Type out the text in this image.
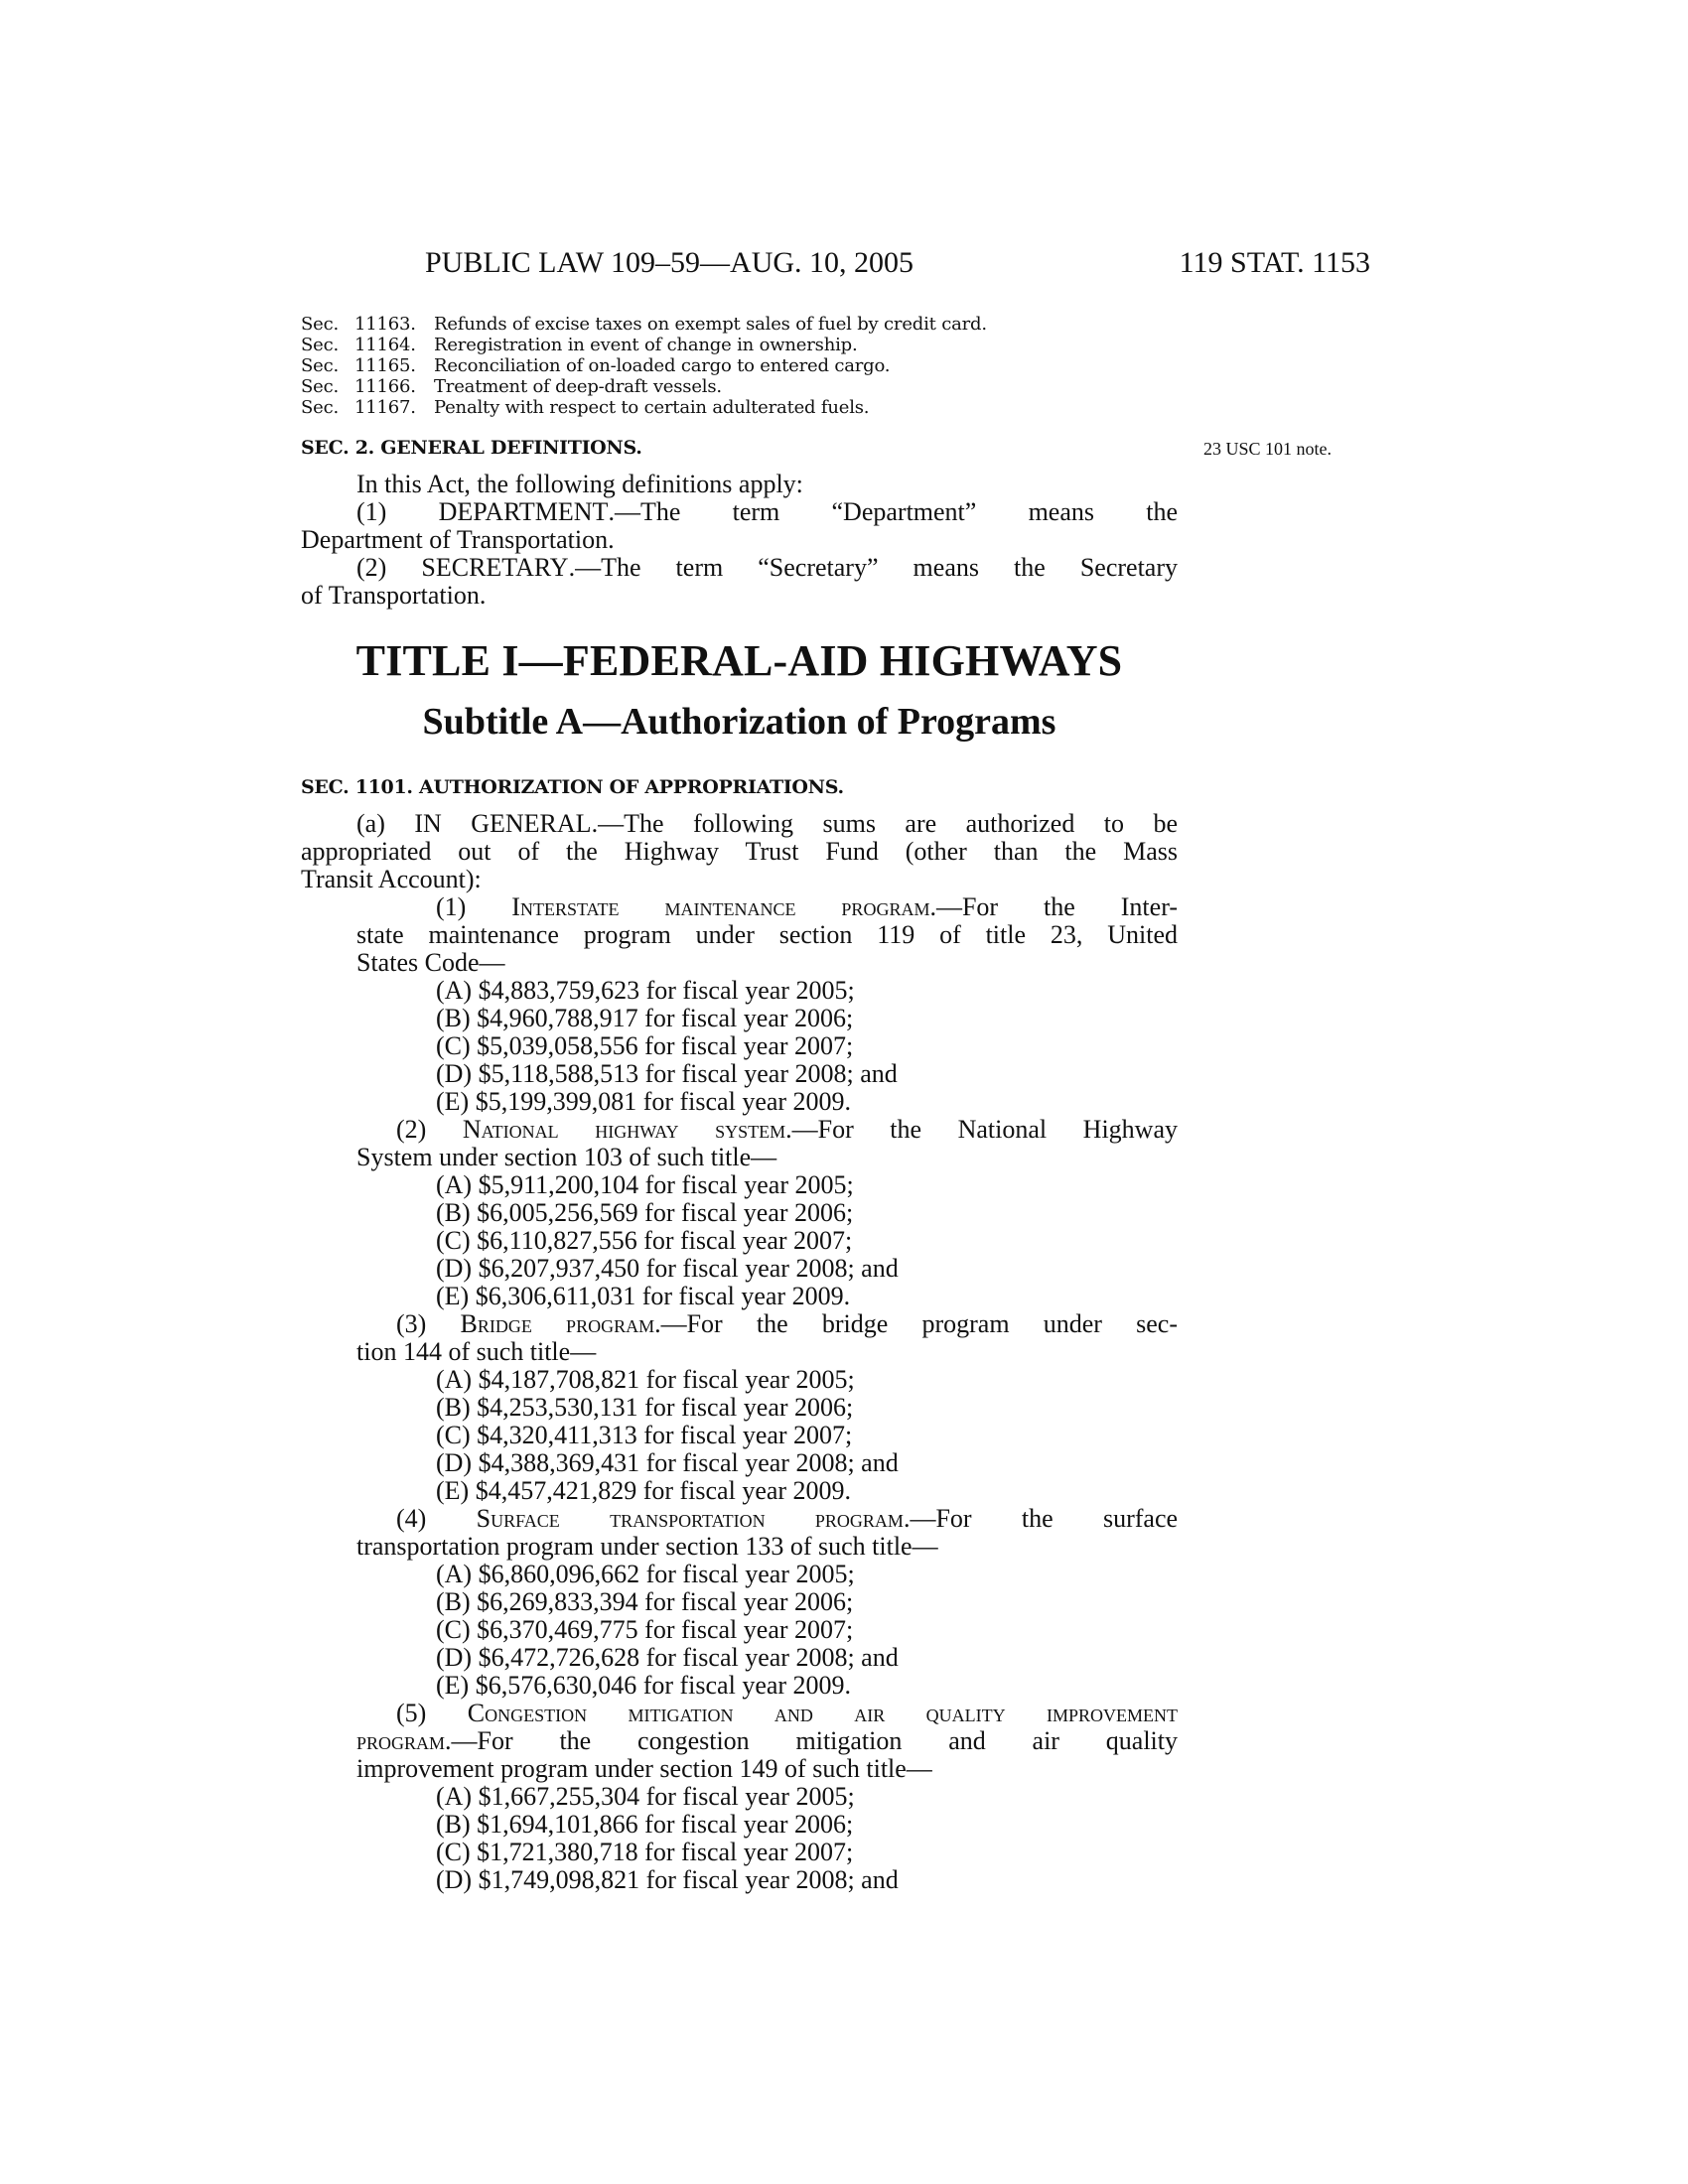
PUBLIC LAW 109–59—AUG. 10, 2005	119 STAT. 1153
Sec. 11163. Refunds of excise taxes on exempt sales of fuel by credit card.
Sec. 11164. Reregistration in event of change in ownership.
Sec. 11165. Reconciliation of on-loaded cargo to entered cargo.
Sec. 11166. Treatment of deep-draft vessels.
Sec. 11167. Penalty with respect to certain adulterated fuels.
SEC. 2. GENERAL DEFINITIONS.	23 USC 101 note.
In this Act, the following definitions apply:
(1) DEPARTMENT.—The term “Department” means the
Department of Transportation.
(2) SECRETARY.—The term “Secretary” means the Secretary
of Transportation.
TITLE I—FEDERAL-AID HIGHWAYS
Subtitle A—Authorization of Programs
SEC. 1101. AUTHORIZATION OF APPROPRIATIONS.
(a) IN GENERAL.—The following sums are authorized to be
appropriated out of the Highway Trust Fund (other than the Mass
Transit Account):
(1) Interstate maintenance program.—For the Inter-
state maintenance program under section 119 of title 23, United
States Code—
(A) $4,883,759,623 for fiscal year 2005;
(B) $4,960,788,917 for fiscal year 2006;
(C) $5,039,058,556 for fiscal year 2007;
(D) $5,118,588,513 for fiscal year 2008; and
(E) $5,199,399,081 for fiscal year 2009.
(2) National highway system.—For the National Highway
System under section 103 of such title—
(A) $5,911,200,104 for fiscal year 2005;
(B) $6,005,256,569 for fiscal year 2006;
(C) $6,110,827,556 for fiscal year 2007;
(D) $6,207,937,450 for fiscal year 2008; and
(E) $6,306,611,031 for fiscal year 2009.
(3) Bridge program.—For the bridge program under sec-
tion 144 of such title—
(A) $4,187,708,821 for fiscal year 2005;
(B) $4,253,530,131 for fiscal year 2006;
(C) $4,320,411,313 for fiscal year 2007;
(D) $4,388,369,431 for fiscal year 2008; and
(E) $4,457,421,829 for fiscal year 2009.
(4) Surface transportation program.—For the surface
transportation program under section 133 of such title—
(A) $6,860,096,662 for fiscal year 2005;
(B) $6,269,833,394 for fiscal year 2006;
(C) $6,370,469,775 for fiscal year 2007;
(D) $6,472,726,628 for fiscal year 2008; and
(E) $6,576,630,046 for fiscal year 2009.
(5) Congestion mitigation and air quality improvement
program.—For the congestion mitigation and air quality
improvement program under section 149 of such title—
(A) $1,667,255,304 for fiscal year 2005;
(B) $1,694,101,866 for fiscal year 2006;
(C) $1,721,380,718 for fiscal year 2007;
(D) $1,749,098,821 for fiscal year 2008; and
